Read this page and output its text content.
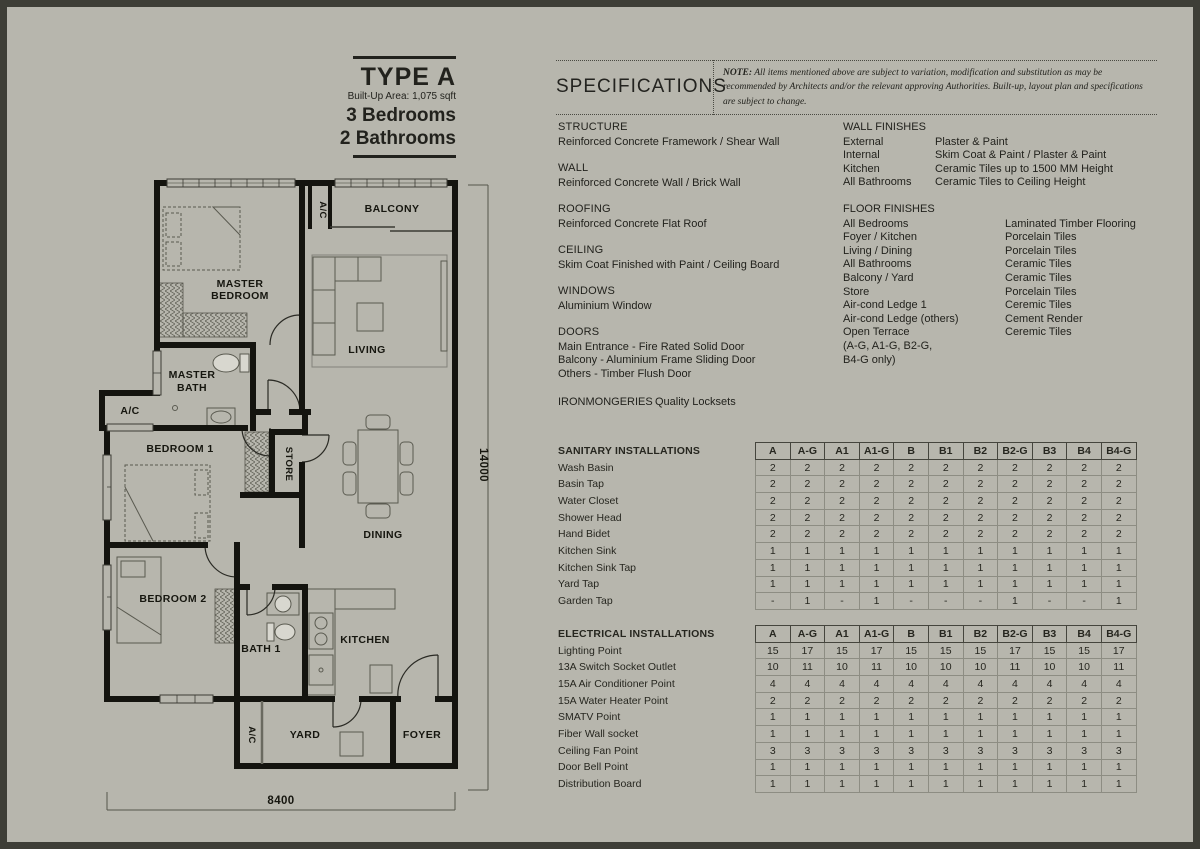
TYPE A
Built-Up Area: 1,075 sqft
3 Bedrooms
2 Bathrooms
SPECIFICATIONS
NOTE: All items mentioned above are subject to variation, modification and substitution as may be recommended by Architects and/or the relevant approving Authorities. Built-up, layout plan and specifications are subject to change.
STRUCTURE
Reinforced Concrete Framework / Shear Wall
WALL
Reinforced Concrete Wall / Brick Wall
ROOFING
Reinforced Concrete Flat Roof
CEILING
Skim Coat Finished with Paint / Ceiling Board
WINDOWS
Aluminium Window
DOORS
Main Entrance - Fire Rated Solid Door
Balcony - Aluminium Frame Sliding Door
Others - Timber Flush Door
IRONMONGERIES Quality Locksets
WALL FINISHES
External	Plaster & Paint
Internal	Skim Coat & Paint / Plaster & Paint
Kitchen	Ceramic Tiles up to 1500 MM Height
All Bathrooms	Ceramic Tiles to Ceiling Height
FLOOR FINISHES
All Bedrooms	Laminated Timber Flooring
Foyer / Kitchen	Porcelain Tiles
Living / Dining	Porcelain Tiles
All Bathrooms	Ceramic Tiles
Balcony / Yard	Ceramic Tiles
Store	Porcelain Tiles
Air-cond Ledge 1	Ceremic Tiles
Air-cond Ledge (others)	Cement Render
Open Terrace	Ceremic Tiles
(A-G, A1-G, B2-G,
B4-G only)
SANITARY INSTALLATIONS	A	A-G	A1	A1-G	B	B1	B2	B2-G	B3	B4	B4-G
Wash Basin	2	2	2	2	2	2	2	2	2	2	2
Basin Tap	2	2	2	2	2	2	2	2	2	2	2
Water Closet	2	2	2	2	2	2	2	2	2	2	2
Shower Head	2	2	2	2	2	2	2	2	2	2	2
Hand Bidet	2	2	2	2	2	2	2	2	2	2	2
Kitchen Sink	1	1	1	1	1	1	1	1	1	1	1
Kitchen Sink Tap	1	1	1	1	1	1	1	1	1	1	1
Yard Tap	1	1	1	1	1	1	1	1	1	1	1
Garden Tap	-	1	-	1	-	-	-	1	-	-	1
ELECTRICAL INSTALLATIONS	A	A-G	A1	A1-G	B	B1	B2	B2-G	B3	B4	B4-G
Lighting Point	15	17	15	17	15	15	15	17	15	15	17
13A Switch Socket Outlet	10	11	10	11	10	10	10	11	10	10	11
15A Air Conditioner Point	4	4	4	4	4	4	4	4	4	4	4
15A Water Heater Point	2	2	2	2	2	2	2	2	2	2	2
SMATV Point	1	1	1	1	1	1	1	1	1	1	1
Fiber Wall socket	1	1	1	1	1	1	1	1	1	1	1
Ceiling Fan Point	3	3	3	3	3	3	3	3	3	3	3
Door Bell Point	1	1	1	1	1	1	1	1	1	1	1
Distribution Board	1	1	1	1	1	1	1	1	1	1	1
14000
8400
MASTER
BEDROOM
BALCONY
A/C
LIVING
MASTER
BATH
A/C
BEDROOM 1	STORE
DINING
BEDROOM 2
BATH 1
KITCHEN
A/C	YARD	FOYER
